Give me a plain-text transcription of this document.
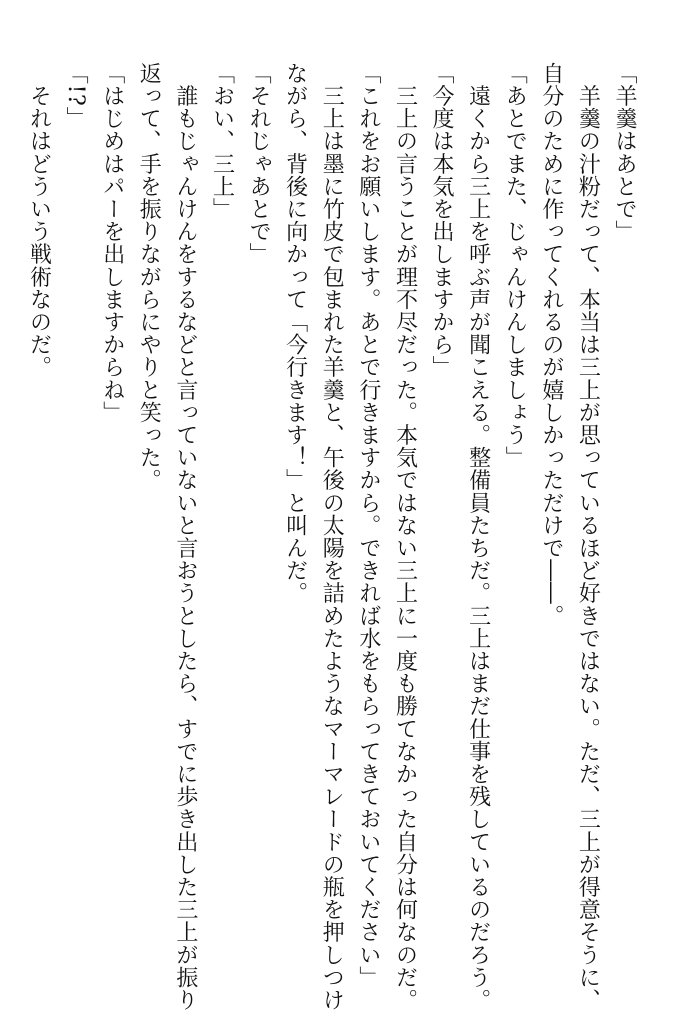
「羊羹はあとで」

　羊羹の汁粉だって、本当は三上が思っているほど好きではない。ただ、三上が得意そうに、

自分のために作ってくれるのが嬉しかっただけで――。

「あとでまた、じゃんけんしましょう」

　遠くから三上を呼ぶ声が聞こえる。整備員たちだ。三上はまだ仕事を残しているのだろう。

「今度は本気を出しますから」

　三上の言うことが理不尽だった。本気ではない三上に一度も勝てなかった自分は何なのだ。

「これをお願いします。あとで行きますから。できれば水をもらってきておいてください」

　三上は墨に竹皮で包まれた羊羹と、午後の太陽を詰めたようなマーマレードの瓶を押しつけ

ながら、背後に向かって「今行きます！」と叫んだ。

「それじゃあとで」

「おい、三上」

　誰もじゃんけんをするなどと言っていないと言おうとしたら、すでに歩き出した三上が振り

返って、手を振りながらにやりと笑った。

「はじめはパーを出しますからね」

「!?」

　それはどういう戦術なのだ。
